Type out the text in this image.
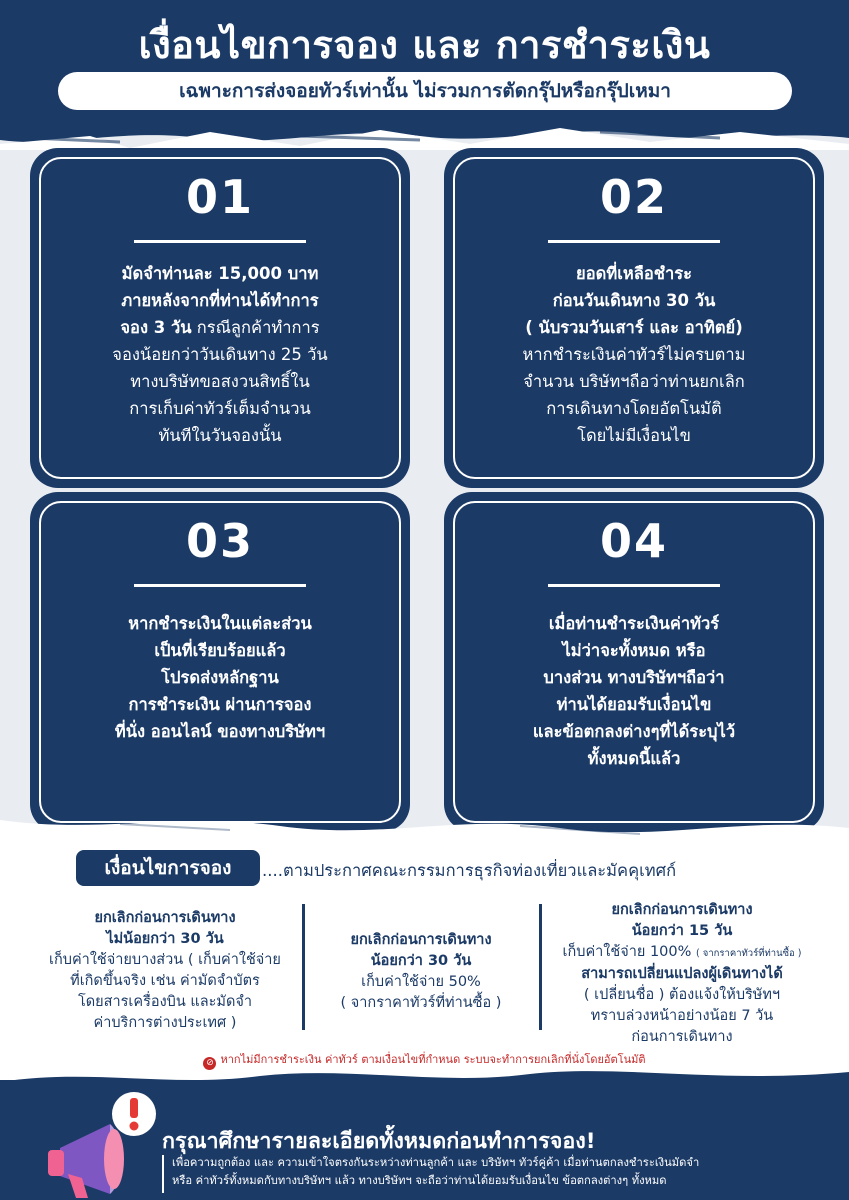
เงื่อนไขการจอง และ การชำระเงิน
เฉพาะการส่งจอยทัวร์เท่านั้น ไม่รวมการตัดกรุ๊ปหรือกรุ๊ปเหมา
01
มัดจำท่านละ 15,000 บาท
ภายหลังจากที่ท่านได้ทำการ
จอง 3 วัน กรณีลูกค้าทำการ
จองน้อยกว่าวันเดินทาง 25 วัน
ทางบริษัทขอสงวนสิทธิ์ใน
การเก็บค่าทัวร์เต็มจำนวน
ทันทีในวันจองนั้น
02
ยอดที่เหลือชำระ
ก่อนวันเดินทาง 30 วัน
( นับรวมวันเสาร์ และ อาทิตย์)
หากชำระเงินค่าทัวร์ไม่ครบตาม
จำนวน บริษัทฯถือว่าท่านยกเลิก
การเดินทางโดยอัตโนมัติ
โดยไม่มีเงื่อนไข
03
หากชำระเงินในแต่ละส่วน
เป็นที่เรียบร้อยแล้ว
โปรดส่งหลักฐาน
การชำระเงิน ผ่านการจอง
ที่นั่ง ออนไลน์ ของทางบริษัทฯ
04
เมื่อท่านชำระเงินค่าทัวร์
ไม่ว่าจะทั้งหมด หรือ
บางส่วน ทางบริษัทฯถือว่า
ท่านได้ยอมรับเงื่อนไข
และข้อตกลงต่างๆที่ได้ระบุไว้
ทั้งหมดนี้แล้ว
เงื่อนไขการจอง	....ตามประกาศคณะกรรมการธุรกิจท่องเที่ยวและมัคคุเทศก์
ยกเลิกก่อนการเดินทาง
ไม่น้อยกว่า 30 วัน
เก็บค่าใช้จ่ายบางส่วน ( เก็บค่าใช้จ่าย
ที่เกิดขึ้นจริง เช่น ค่ามัดจำบัตร
โดยสารเครื่องบิน และมัดจำ
ค่าบริการต่างประเทศ )
ยกเลิกก่อนการเดินทาง
น้อยกว่า 30 วัน
เก็บค่าใช้จ่าย 50%
( จากราคาทัวร์ที่ท่านซื้อ )
ยกเลิกก่อนการเดินทาง
น้อยกว่า 15 วัน
เก็บค่าใช้จ่าย 100% ( จากราคาทัวร์ที่ท่านซื้อ )
สามารถเปลี่ยนแปลงผู้เดินทางได้
( เปลี่ยนชื่อ ) ต้องแจ้งให้บริษัทฯ
ทราบล่วงหน้าอย่างน้อย 7 วัน
ก่อนการเดินทาง
⊘ หากไม่มีการชำระเงิน ค่าทัวร์ ตามเงื่อนไขที่กำหนด ระบบจะทำการยกเลิกที่นั่งโดยอัตโนมัติ
กรุณาศึกษารายละเอียดทั้งหมดก่อนทำการจอง!
เพื่อความถูกต้อง และ ความเข้าใจตรงกันระหว่างท่านลูกค้า และ บริษัทฯ ทัวร์คู่ค้า เมื่อท่านตกลงชำระเงินมัดจำ
หรือ ค่าทัวร์ทั้งหมดกับทางบริษัทฯ แล้ว ทางบริษัทฯ จะถือว่าท่านได้ยอมรับเงื่อนไข ข้อตกลงต่างๆ ทั้งหมด
